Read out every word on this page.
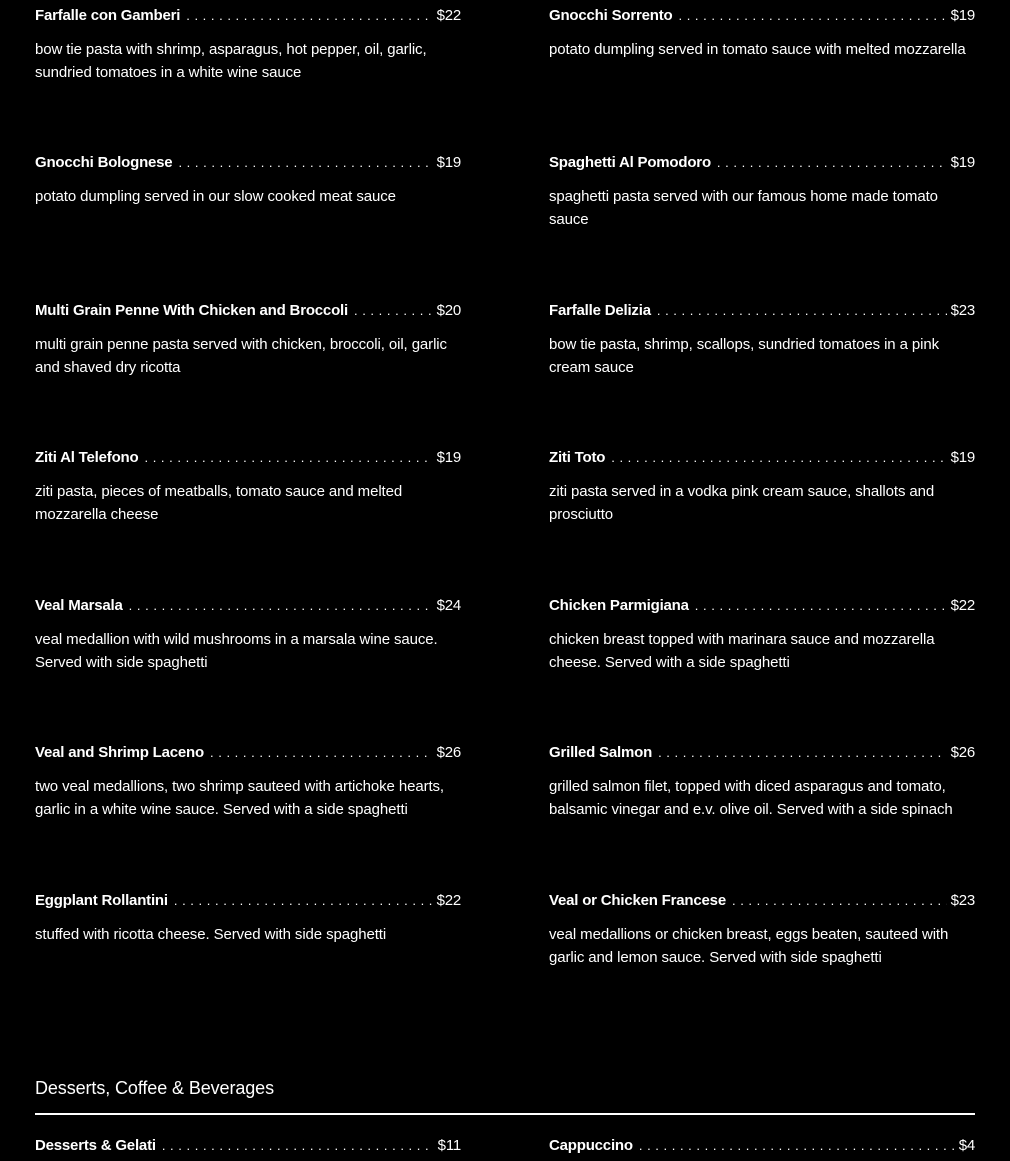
Farfalle con Gamberi . . .	$22
bow tie pasta with shrimp, asparagus, hot pepper, oil, garlic, sundried tomatoes in a white wine sauce
Gnocchi Sorrento . . .	$19
potato dumpling served in tomato sauce with melted mozzarella
Gnocchi Bolognese . . .	$19
potato dumpling served in our slow cooked meat sauce
Spaghetti Al Pomodoro . . .	$19
spaghetti pasta served with our famous home made tomato sauce
Multi Grain Penne With Chicken and Broccoli . . .	$20
multi grain penne pasta served with chicken, broccoli, oil, garlic and shaved dry ricotta
Farfalle Delizia . . .	$23
bow tie pasta, shrimp, scallops, sundried tomatoes in a pink cream sauce
Ziti Al Telefono . . .	$19
ziti pasta, pieces of meatballs, tomato sauce and melted mozzarella cheese
Ziti Toto . . .	$19
ziti pasta served in a vodka pink cream sauce, shallots and prosciutto
Veal Marsala . . .	$24
veal medallion with wild mushrooms in a marsala wine sauce. Served with side spaghetti
Chicken Parmigiana . . .	$22
chicken breast topped with marinara sauce and mozzarella cheese. Served with a side spaghetti
Veal and Shrimp Laceno . . .	$26
two veal medallions, two shrimp sauteed with artichoke hearts, garlic in a white wine sauce. Served with a side spaghetti
Grilled Salmon . . .	$26
grilled salmon filet, topped with diced asparagus and tomato, balsamic vinegar and e.v. olive oil. Served with a side spinach
Eggplant Rollantini . . .	$22
stuffed with ricotta cheese. Served with side spaghetti
Veal or Chicken Francese . . .	$23
veal medallions or chicken breast, eggs beaten, sauteed with garlic and lemon sauce. Served with side spaghetti
Desserts, Coffee & Beverages
Desserts & Gelati . . .	$11	Cappuccino . . .	$4
